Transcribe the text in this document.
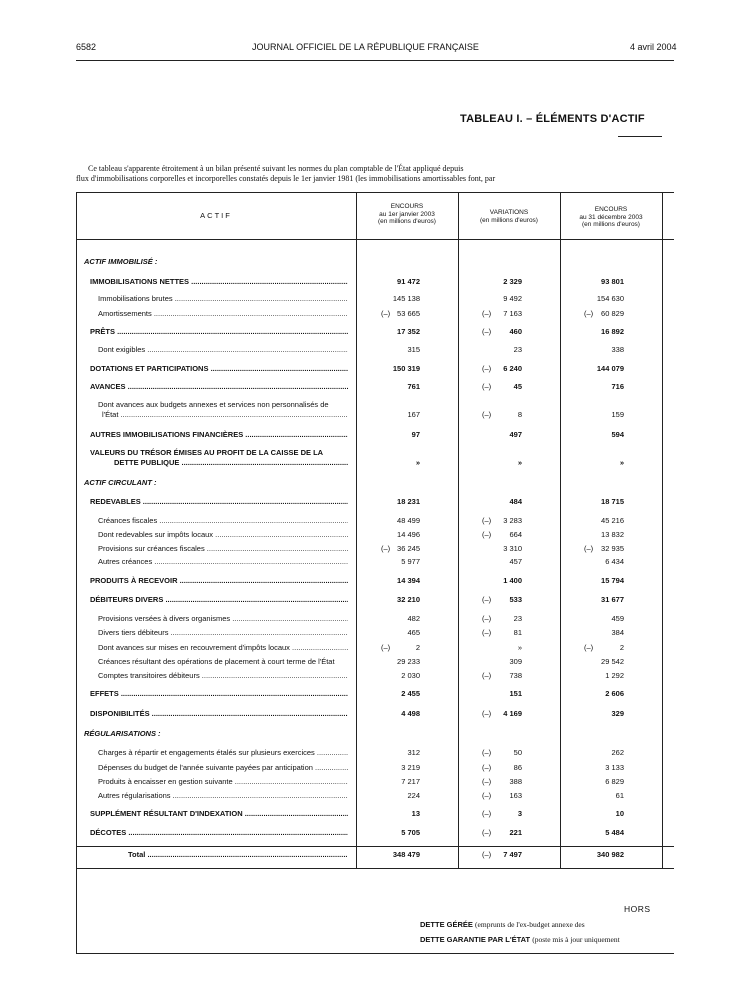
6582	JOURNAL OFFICIEL DE LA RÉPUBLIQUE FRANÇAISE	4 avril 2004
TABLEAU I. – ÉLÉMENTS D'ACTIF
Ce tableau s'apparente étroitement à un bilan présenté suivant les normes du plan comptable de l'État appliqué depuis
flux d'immobilisations corporelles et incorporelles constatés depuis le 1er janvier 1981 (les immobilisations amortissables font, par
ACTIF
ENCOURS
au 1er janvier 2003
(en millions d'euros)
VARIATIONS
(en millions d'euros)
ENCOURS
au 31 décembre 2003
(en millions d'euros)
ACTIF IMMOBILISÉ :
IMMOBILISATIONS NETTES .....	91 472	2 329	93 801
Immobilisations brutes .....	145 138	9 492	154 630
Amortissements .....	(–) 53 665	(–)	7 163	(–)	60 829
PRÊTS .....	17 352	(–)	460	16 892
Dont exigibles .....	315	23	338
DOTATIONS ET PARTICIPATIONS .....	150 319	(–)	6 240	144 079
AVANCES .....	761	(–)	45	716
Dont avances aux budgets annexes et services non personnalisés de
l'État .....	167	(–)	8	159
AUTRES IMMOBILISATIONS FINANCIÈRES .....	97	497	594
VALEURS DU TRÉSOR ÉMISES AU PROFIT DE LA CAISSE DE LA
DETTE PUBLIQUE .....	»	»	»
ACTIF CIRCULANT :
REDEVABLES .....	18 231	484	18 715
Créances fiscales .....	48 499	(–)	3 283	45 216
Dont redevables sur impôts locaux .....	14 496	(–)	664	13 832
Provisions sur créances fiscales .....	(–) 36 245	3 310	(–)	32 935
Autres créances .....	5 977	457	6 434
PRODUITS À RECEVOIR .....	14 394	1 400	15 794
DÉBITEURS DIVERS .....	32 210	(–)	533	31 677
Provisions versées à divers organismes .....	482	(–)	23	459
Divers tiers débiteurs .....	465	(–)	81	384
Dont avances sur mises en recouvrement d'impôts locaux .....	(–)	2	»	(–)	2
Créances résultant des opérations de placement à court terme de l'État	29 233	309	29 542
Comptes transitoires débiteurs .....	2 030	(–)	738	1 292
EFFETS .....	2 455	151	2 606
DISPONIBILITÉS .....	4 498	(–)	4 169	329
RÉGULARISATIONS :
Charges à répartir et engagements étalés sur plusieurs exercices .....	312	(–)	50	262
Dépenses du budget de l'année suivante payées par anticipation .....	3 219	(–)	86	3 133
Produits à encaisser en gestion suivante .....	7 217	(–)	388	6 829
Autres régularisations .....	224	(–)	163	61
SUPPLÉMENT RÉSULTANT D'INDEXATION .....	13	(–)	3	10
DÉCOTES .....	5 705	(–)	221	5 484
Total .....	348 479	(–)	7 497	340 982
HORS
DETTE GÉRÉE (emprunts de l'ex-budget annexe des
DETTE GARANTIE PAR L'ÉTAT (poste mis à jour uniquement
